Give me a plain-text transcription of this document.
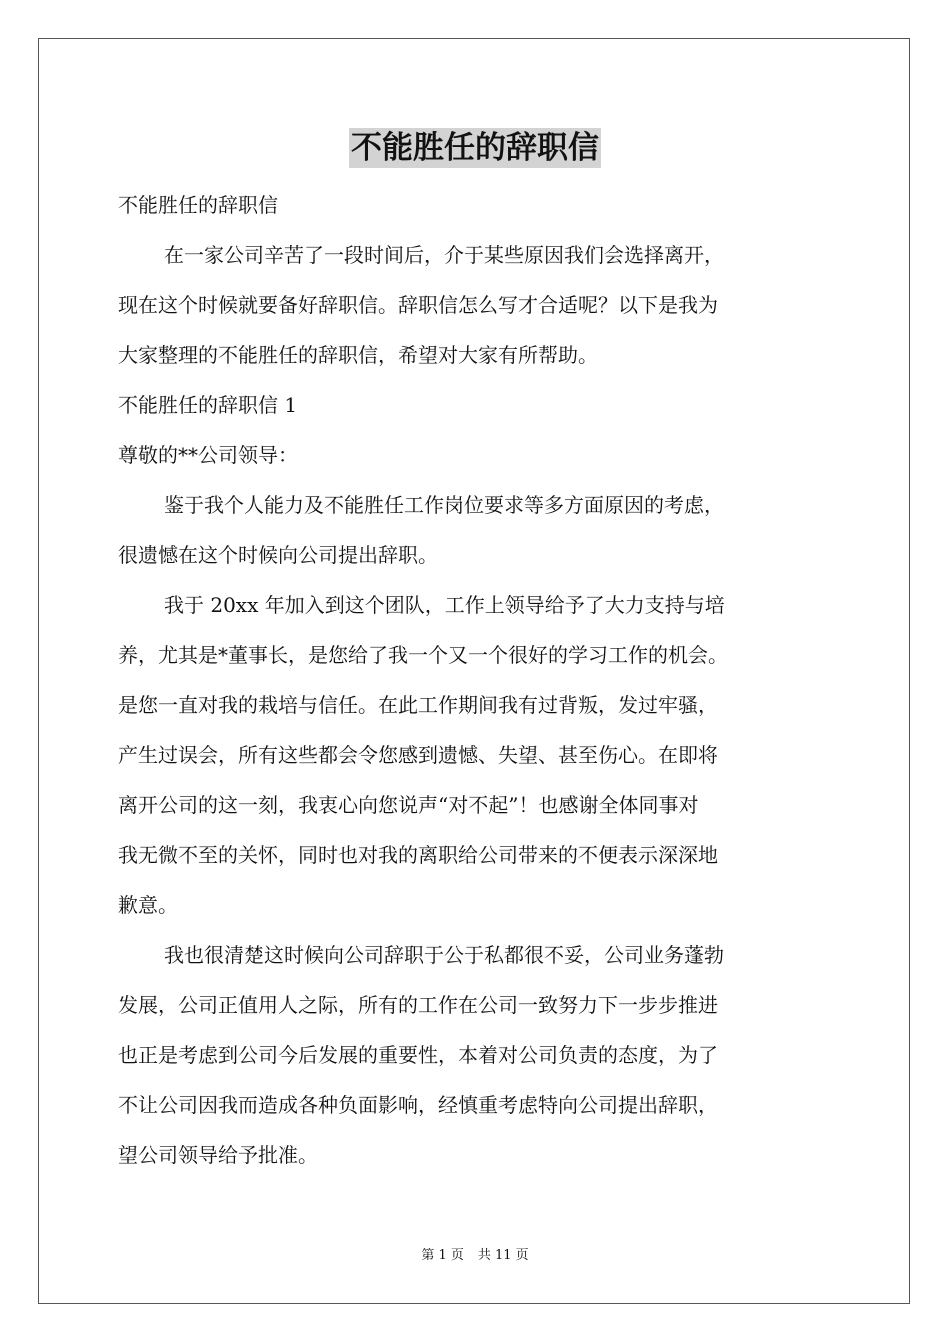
不能胜任的辞职信
不能胜任的辞职信
在一家公司辛苦了一段时间后，介于某些原因我们会选择离开，
现在这个时候就要备好辞职信。辞职信怎么写才合适呢？以下是我为
大家整理的不能胜任的辞职信，希望对大家有所帮助。
不能胜任的辞职信 1
尊敬的**公司领导：
鉴于我个人能力及不能胜任工作岗位要求等多方面原因的考虑，
很遗憾在这个时候向公司提出辞职。
我于 20xx 年加入到这个团队，工作上领导给予了大力支持与培
养，尤其是*董事长，是您给了我一个又一个很好的学习工作的机会。
是您一直对我的栽培与信任。在此工作期间我有过背叛，发过牢骚，
产生过误会，所有这些都会令您感到遗憾、失望、甚至伤心。在即将
离开公司的这一刻，我衷心向您说声“对不起”！也感谢全体同事对
我无微不至的关怀，同时也对我的离职给公司带来的不便表示深深地
歉意。
我也很清楚这时候向公司辞职于公于私都很不妥，公司业务蓬勃
发展，公司正值用人之际，所有的工作在公司一致努力下一步步推进
也正是考虑到公司今后发展的重要性，本着对公司负责的态度，为了
不让公司因我而造成各种负面影响，经慎重考虑特向公司提出辞职，
望公司领导给予批准。
第 1 页 共 11 页
